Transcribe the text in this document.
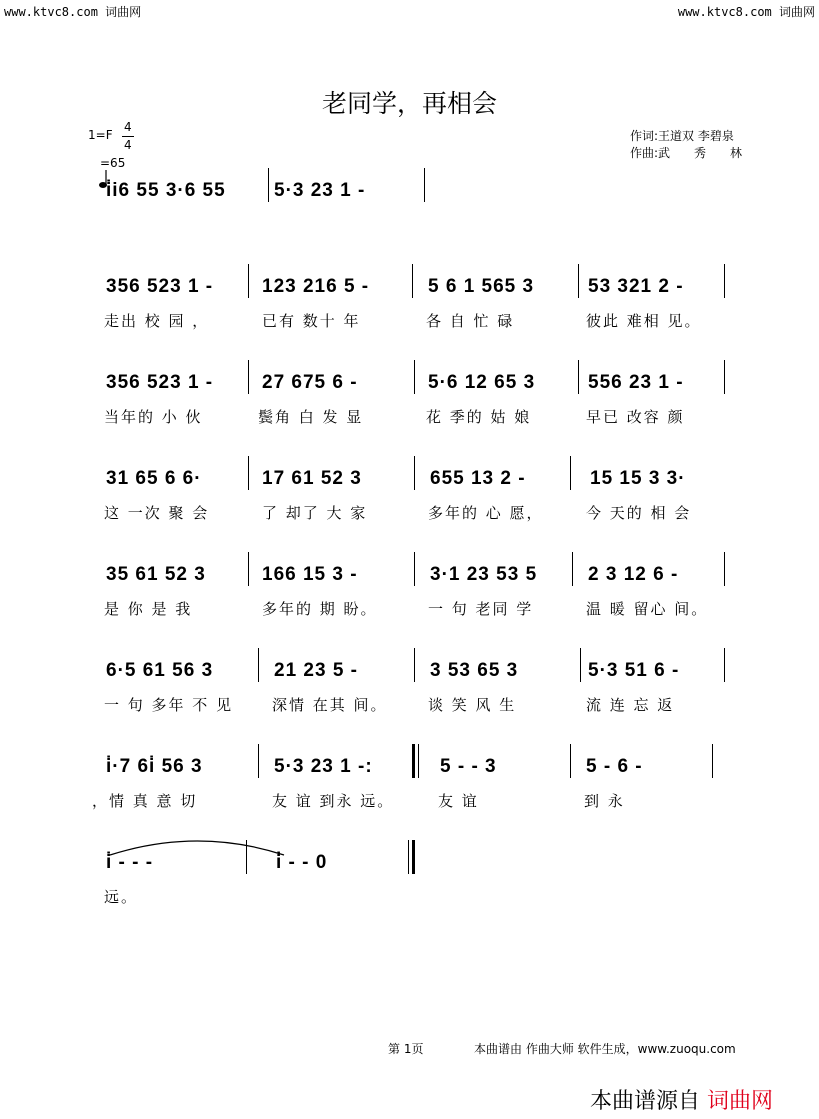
www.ktvc8.com 词曲网	www.ktvc8.com 词曲网
老同学，再相会
1=F
4
4

=65
作词:王道双 李碧泉
作曲:武　　秀　　林
i̇i6 55 3·6 55	5·3 23 1 -
356 523 1 -
走出 校 园 ，
123 216 5 -
已有 数十 年
5 6 1 565 3
各 自 忙 碌
53 321 2 -
彼此 难相 见。
356 523 1 -
当年的 小 伙
27 675 6 -
鬓角 白 发 显
5·6 12 65 3
花 季的 姑 娘
556 23 1 -
早已 改容 颜
31 65 6 6·
这 一次 聚 会
17 61 52 3
了 却了 大 家
655 13 2 -
多年的 心 愿，
15 15 3 3·
今 天的 相 会
35 61 52 3
是 你 是 我
166 15 3 -
多年的 期 盼。
3·1 23 53 5
一 句 老同 学
2 3 12 6 -
温 暖 留心 间。
6·5 61 56 3
一 句 多年 不 见
21 23 5 -
深情 在其 间。
3 53 65 3
谈 笑 风 生
5·3 51 6 -
流 连 忘 返
i̇·7 6i̇ 56 3
，情 真 意 切
5·3 23 1 -:
友 谊 到永 远。
5 - - 3
友 谊
5 - 6 -
到 永
i̇ - - -
远。
i̇ - - 0
第 1页	本曲谱由 作曲大师 软件生成，www.zuoqu.com
本曲谱源自 词曲网
